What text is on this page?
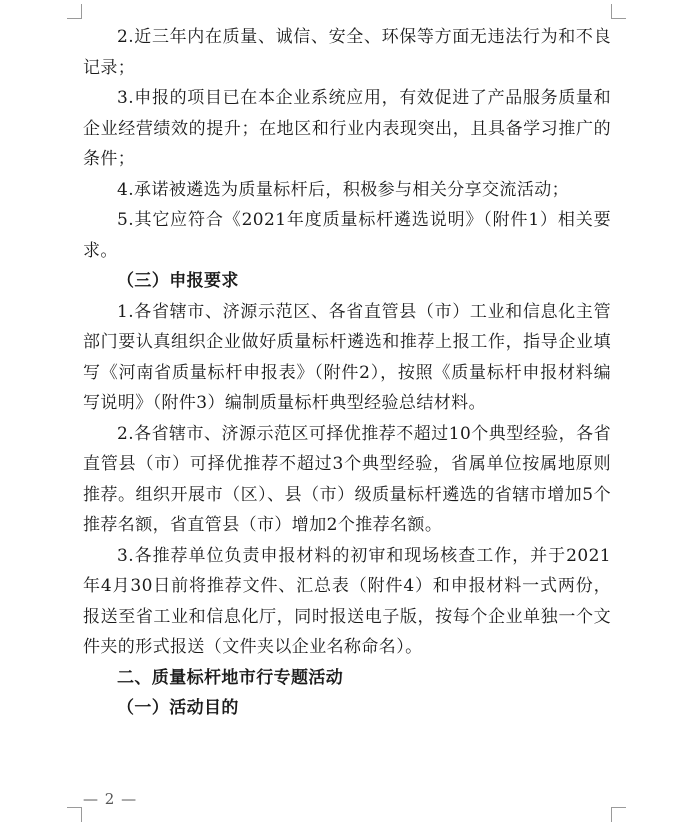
2.近三年内在质量、诚信、安全、环保等方面无违法行为和不良记录；

3.申报的项目已在本企业系统应用，有效促进了产品服务质量和企业经营绩效的提升；在地区和行业内表现突出，且具备学习推广的条件；

4.承诺被遴选为质量标杆后，积极参与相关分享交流活动；

5.其它应符合《2021年度质量标杆遴选说明》（附件1）相关要求。

（三）申报要求

1.各省辖市、济源示范区、各省直管县（市）工业和信息化主管部门要认真组织企业做好质量标杆遴选和推荐上报工作，指导企业填写《河南省质量标杆申报表》（附件2），按照《质量标杆申报材料编写说明》（附件3）编制质量标杆典型经验总结材料。

2.各省辖市、济源示范区可择优推荐不超过10个典型经验，各省直管县（市）可择优推荐不超过3个典型经验，省属单位按属地原则推荐。组织开展市（区）、县（市）级质量标杆遴选的省辖市增加5个推荐名额，省直管县（市）增加2个推荐名额。

3.各推荐单位负责申报材料的初审和现场核查工作，并于2021年4月30日前将推荐文件、汇总表（附件4）和申报材料一式两份，报送至省工业和信息化厅，同时报送电子版，按每个企业单独一个文件夹的形式报送（文件夹以企业名称命名）。

二、质量标杆地市行专题活动

（一）活动目的

— 2 —
